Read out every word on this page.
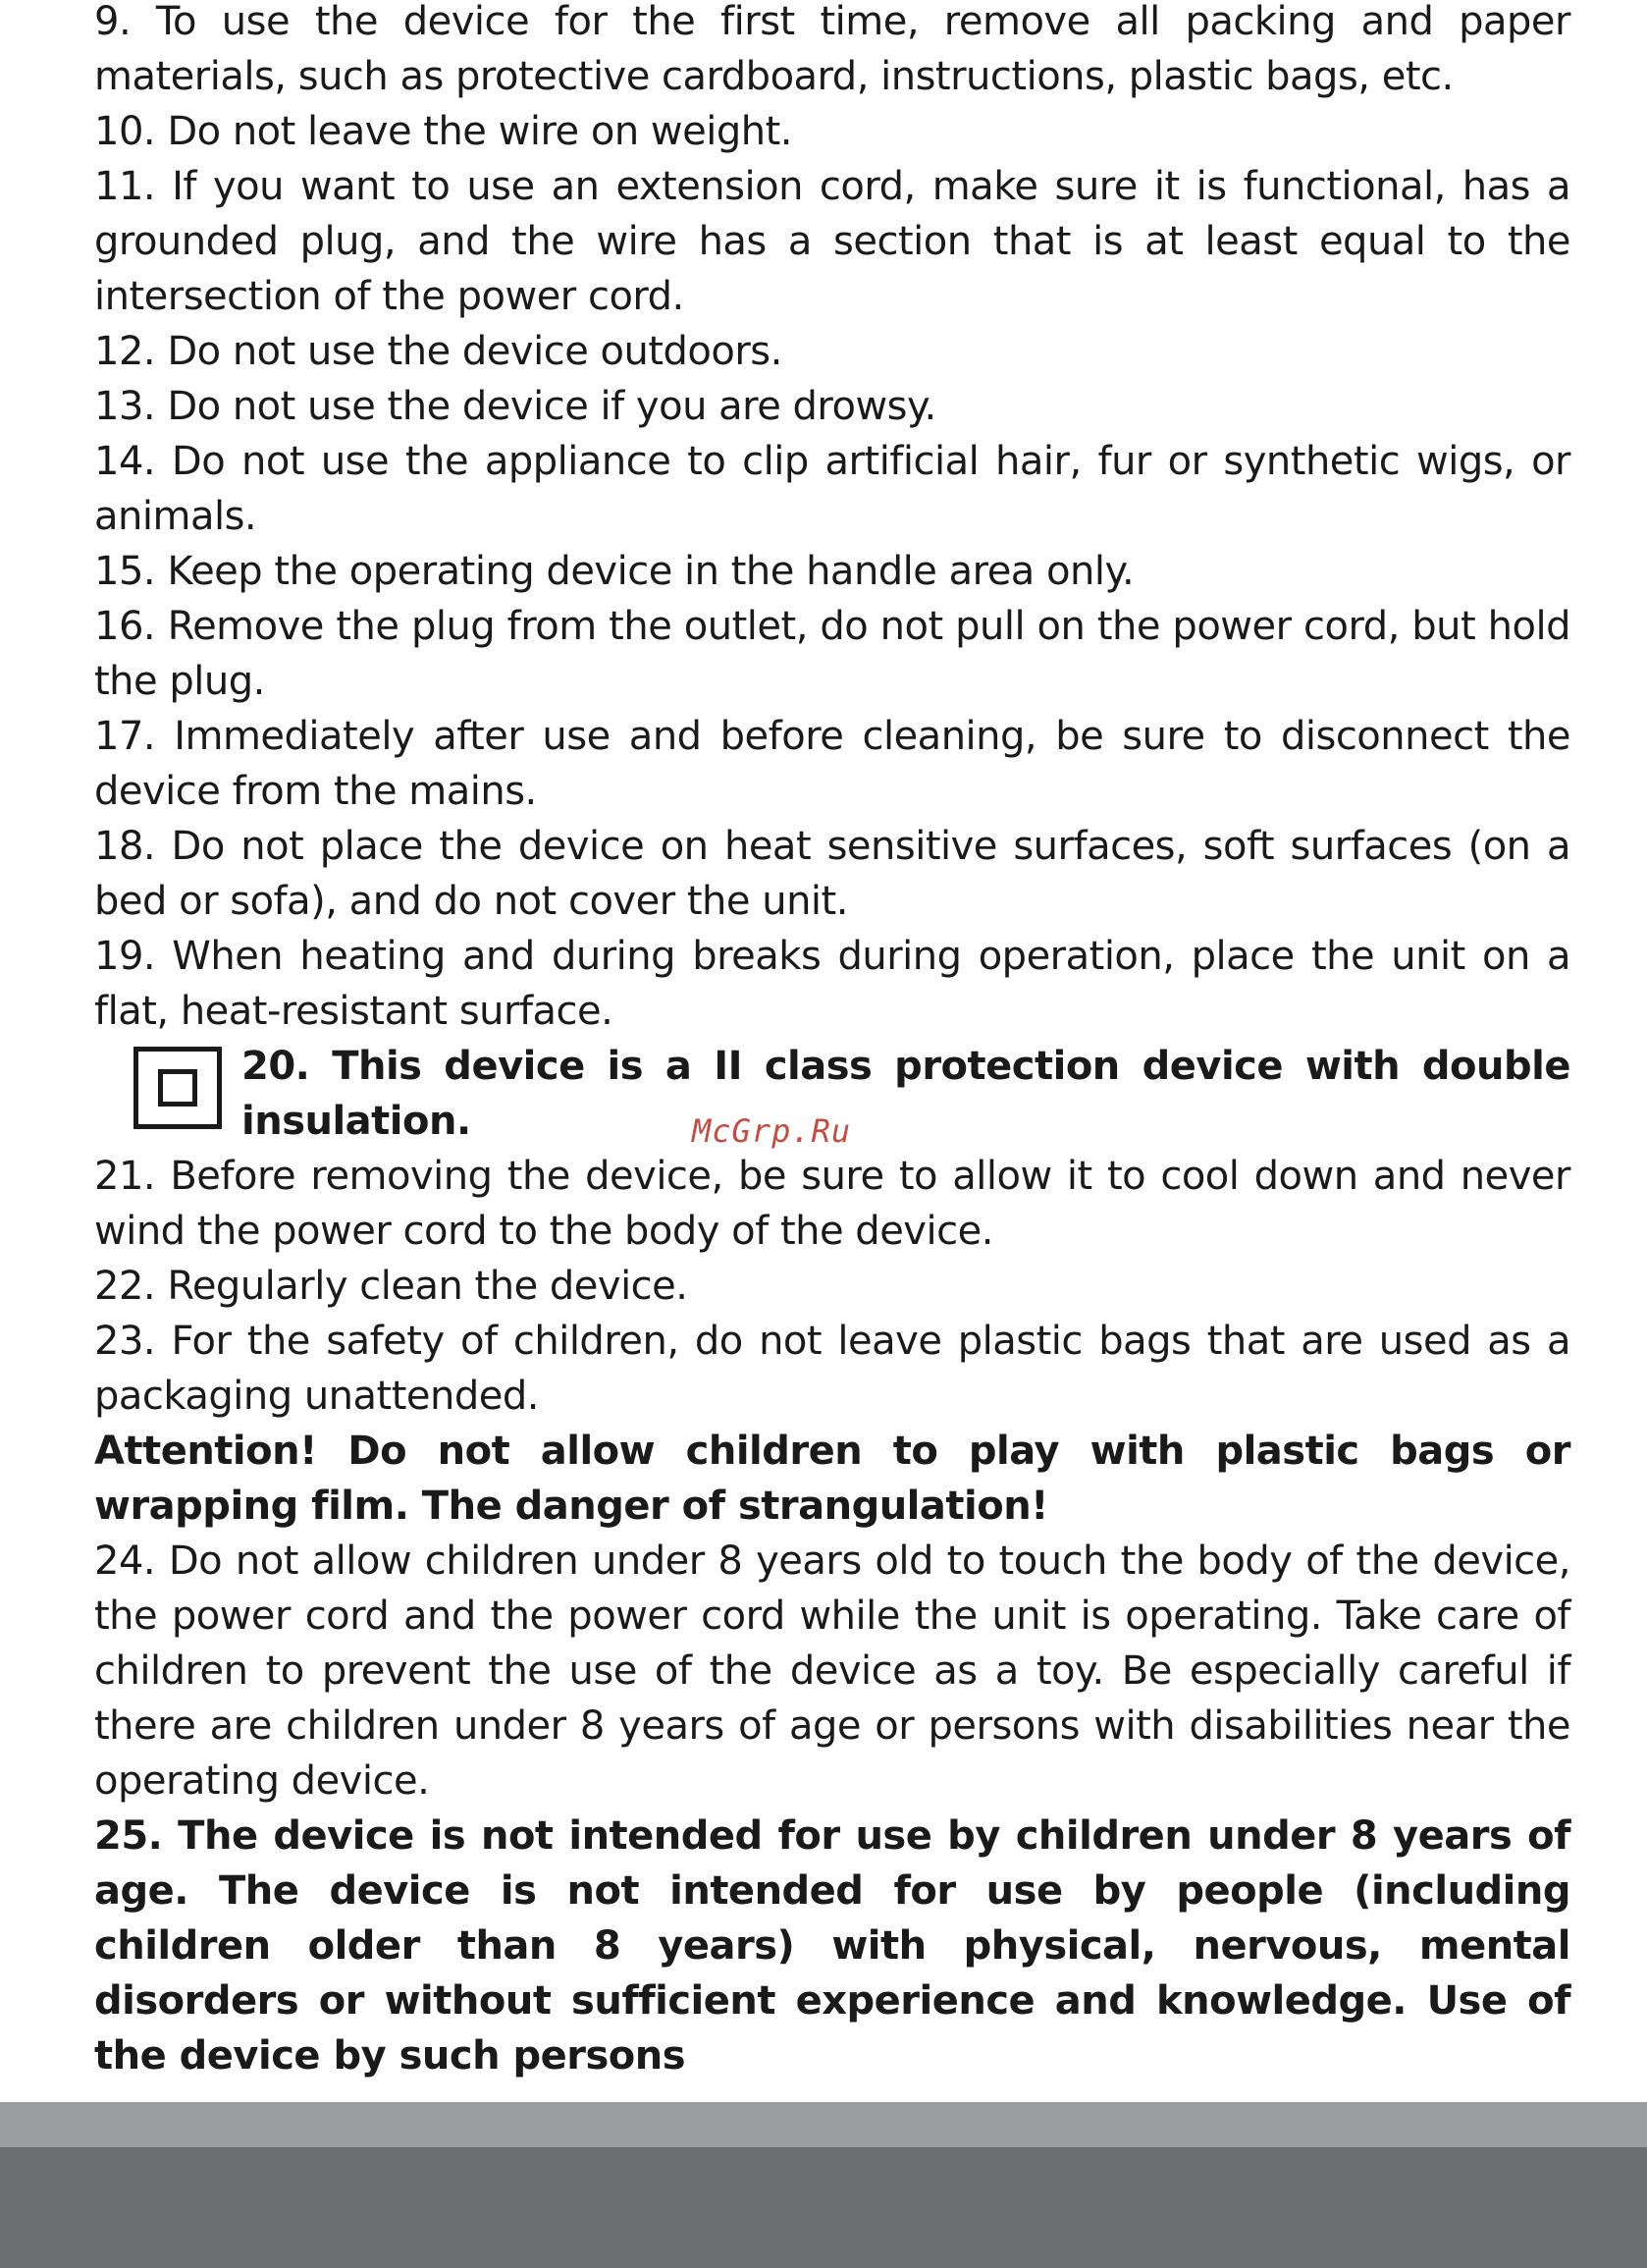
9. To use the device for the first time, remove all packing and paper materials, such as protective cardboard, instructions, plastic bags, etc.

10. Do not leave the wire on weight.

11. If you want to use an extension cord, make sure it is functional, has a grounded plug, and the wire has a section that is at least equal to the intersection of the power cord.

12. Do not use the device outdoors.

13. Do not use the device if you are drowsy.

14. Do not use the appliance to clip artificial hair, fur or synthetic wigs, or animals.

15. Keep the operating device in the handle area only.

16. Remove the plug from the outlet, do not pull on the power cord, but hold the plug.

17. Immediately after use and before cleaning, be sure to disconnect the device from the mains.

18. Do not place the device on heat sensitive surfaces, soft surfaces (on a bed or sofa), and do not cover the unit.

19. When heating and during breaks during operation, place the unit on a flat, heat-resistant surface.

20. This device is a II class protection device with double insulation.

21. Before removing the device, be sure to allow it to cool down and never wind the power cord to the body of the device.

22. Regularly clean the device.

23. For the safety of children, do not leave plastic bags that are used as a packaging unattended.

Attention! Do not allow children to play with plastic bags or wrapping film. The danger of strangulation!

24. Do not allow children under 8 years old to touch the body of the device, the power cord and the power cord while the unit is operating. Take care of children to prevent the use of the device as a toy. Be especially careful if there are children under 8 years of age or persons with disabilities near the operating device.

25. The device is not intended for use by children under 8 years of age. The device is not intended for use by people (including children older than 8 years) with physical, nervous, mental disorders or without sufficient experience and knowledge. Use of the device by such persons

McGrp.Ru
